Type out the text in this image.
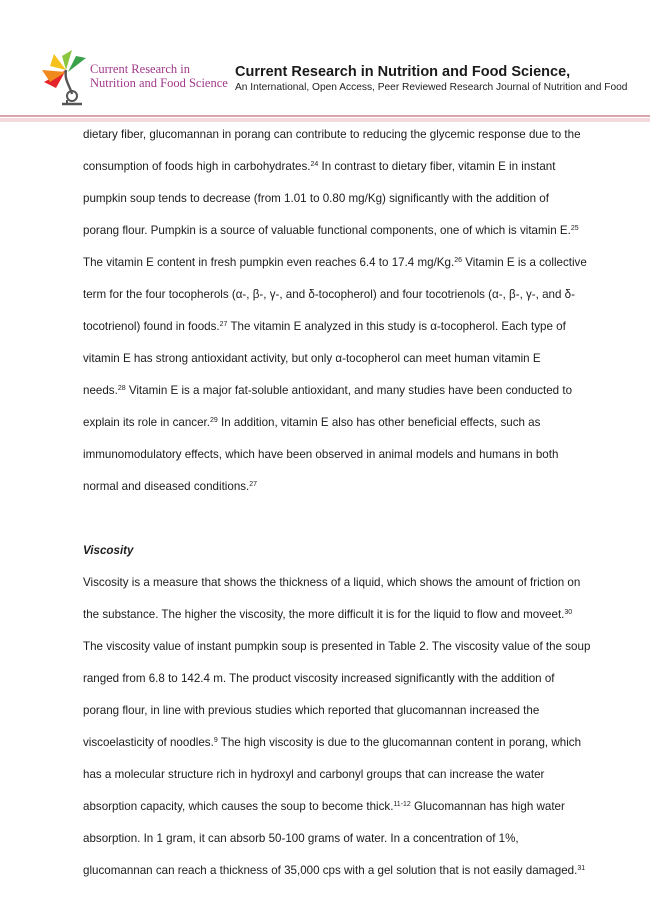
Current Research in
Nutrition and Food Science
Current Research in Nutrition and Food Science,
An International, Open Access, Peer Reviewed Research Journal of Nutrition and Food
dietary fiber, glucomannan in porang can contribute to reducing the glycemic response due to the
consumption of foods high in carbohydrates.$^{24}$ In contrast to dietary fiber, vitamin E in instant
pumpkin soup tends to decrease (from 1.01 to 0.80 mg/Kg) significantly with the addition of
porang flour. Pumpkin is a source of valuable functional components, one of which is vitamin E.$^{25}$
The vitamin E content in fresh pumpkin even reaches 6.4 to 17.4 mg/Kg.$^{26}$ Vitamin E is a collective
term for the four tocopherols (α-, β-, γ-, and δ-tocopherol) and four tocotrienols (α-, β-, γ-, and δ-
tocotrienol) found in foods.$^{27}$ The vitamin E analyzed in this study is α-tocopherol. Each type of
vitamin E has strong antioxidant activity, but only α-tocopherol can meet human vitamin E
needs.$^{28}$ Vitamin E is a major fat-soluble antioxidant, and many studies have been conducted to
explain its role in cancer.$^{29}$ In addition, vitamin E also has other beneficial effects, such as
immunomodulatory effects, which have been observed in animal models and humans in both
normal and diseased conditions.$^{27}$
Viscosity
Viscosity is a measure that shows the thickness of a liquid, which shows the amount of friction on
the substance. The higher the viscosity, the more difficult it is for the liquid to flow and moveet.$^{30}$
The viscosity value of instant pumpkin soup is presented in Table 2. The viscosity value of the soup
ranged from 6.8 to 142.4 m. The product viscosity increased significantly with the addition of
porang flour, in line with previous studies which reported that glucomannan increased the
viscoelasticity of noodles.$^9$ The high viscosity is due to the glucomannan content in porang, which
has a molecular structure rich in hydroxyl and carbonyl groups that can increase the water
absorption capacity, which causes the soup to become thick.$^{11-12}$ Glucomannan has high water
absorption. In 1 gram, it can absorb 50-100 grams of water. In a concentration of 1%,
glucomannan can reach a thickness of 35,000 cps with a gel solution that is not easily damaged.$^{31}$
